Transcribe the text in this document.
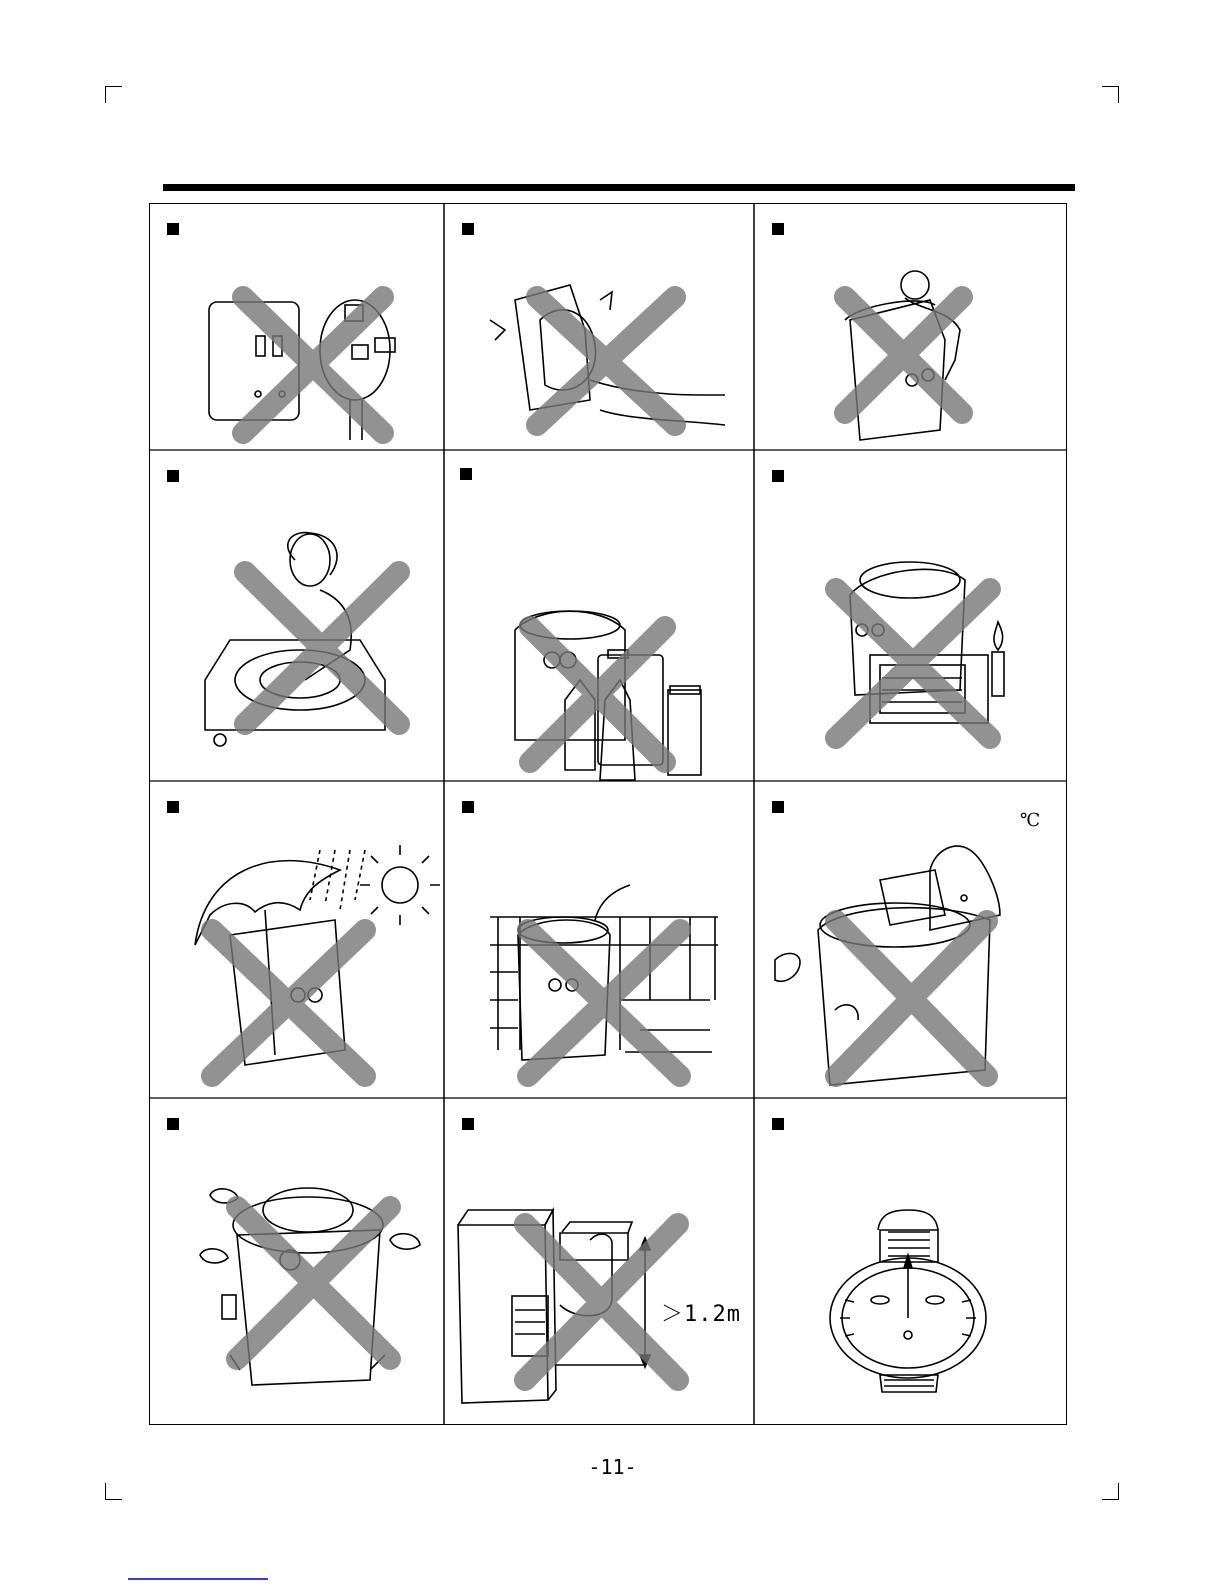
℃
＞1.2m
-11-
